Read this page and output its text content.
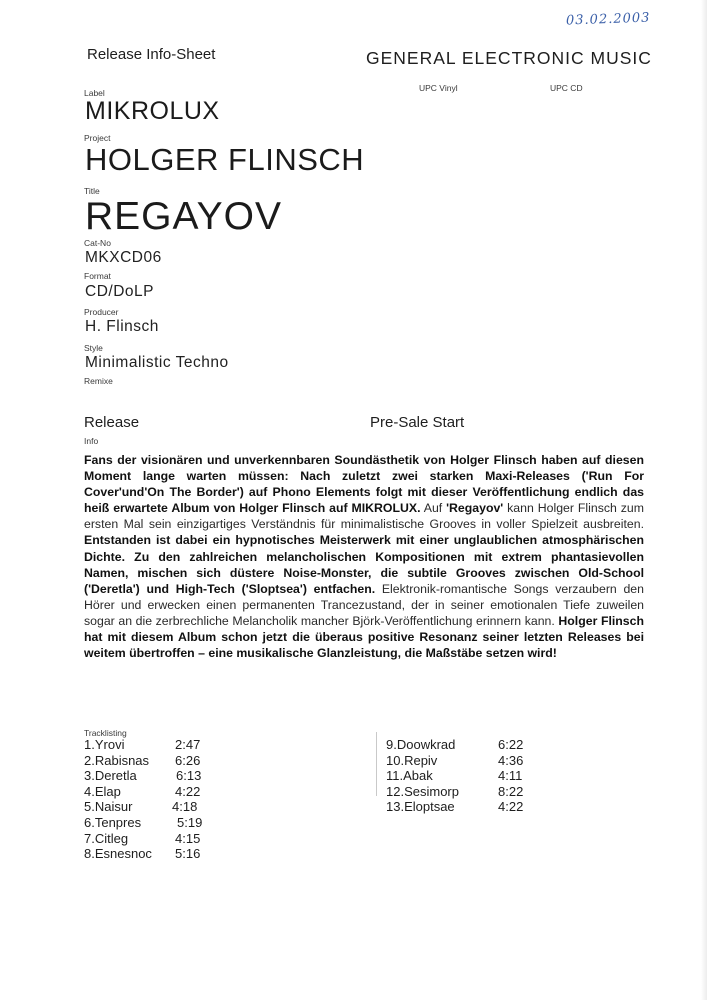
03.02.2003
Release Info-Sheet	GENERAL ELECTRONIC MUSIC
UPC Vinyl	UPC CD
Label
MIKROLUX
Project
HOLGER FLINSCH
Title
REGAYOV
Cat-No
MKXCD06
Format
CD/DoLP
Producer
H. Flinsch
Style
Minimalistic Techno
Remixe
Release	Pre-Sale Start
Info
Fans der visionären und unverkennbaren Soundästhetik von Holger Flinsch haben auf diesen Moment lange warten müssen: Nach zuletzt zwei starken Maxi-Releases ('Run For Cover'und'On The Border') auf Phono Elements folgt mit dieser Veröffentlichung endlich das heiß erwartete Album von Holger Flinsch auf MIKROLUX. Auf 'Regayov' kann Holger Flinsch zum ersten Mal sein einzigartiges Verständnis für minimalistische Grooves in voller Spielzeit ausbreiten. Entstanden ist dabei ein hypnotisches Meisterwerk mit einer unglaublichen atmosphärischen Dichte. Zu den zahlreichen melancholischen Kompositionen mit extrem phantasievollen Namen, mischen sich düstere Noise-Monster, die subtile Grooves zwischen Old-School ('Deretla') und High-Tech ('Sloptsea') entfachen. Elektronik-romantische Songs verzaubern den Hörer und erwecken einen permanenten Trancezustand, der in seiner emotionalen Tiefe zuweilen sogar an die zerbrechliche Melancholik mancher Björk-Veröffentlichung erinnern kann. Holger Flinsch hat mit diesem Album schon jetzt die überaus positive Resonanz seiner letzten Releases bei weitem übertroffen – eine musikalische Glanzleistung, die Maßstäbe setzen wird!
Tracklisting
1.Yrovi	2:47
2.Rabisnas 6:26
3.Deretla	6:13
4.Elap	4:22
5.Naisur	4:18
6.Tenpres	5:19
7.Citleg	4:15
8.Esnesnoc 5:16
9.Doowkrad	6:22
10.Repiv	4:36
11.Abak	4:11
12.Sesimorp	8:22
13.Eloptsae	4:22
